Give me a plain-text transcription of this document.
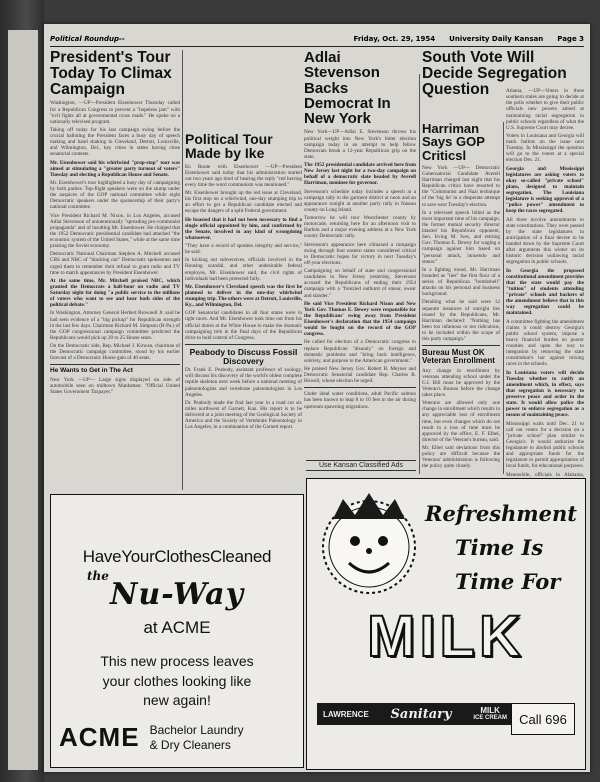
Political Roundup--	Friday, Oct. 29, 1954 University Daily Kansan Page 3
President's Tour Today To Climax Campaign

Washington, —UP—President Eisenhower Thursday called for a Republican Congress to prevent a "hopeless jam" with "evil fights all at governmental cross roads." He spoke on a nationally televised program.

Taking off today for his last campaign swing before the crucial balloting the President faces a busy day of speech making and hand shaking in Cleveland, Detroit, Louisville, and Wilmington, Del., key cities in states having close senatorial contests.

Mr. Eisenhower said his whirlwind "prop-stop" tour was aimed at stimulating a "greater party turnout of voters" Tuesday and electing a Republican House and Senate.

Mr. Eisenhower's tour highlighted a busy day of campaigning by both parties. Top-flight speakers were on the stump under the auspices of the GOP national committee while eight Democratic speakers under the sponsorship of their party's national committee.

Vice President Richard M. Nixon, in Los Angeles, accused Adlai Stevenson of unintentionally "spreading pro-communist propaganda" and of insulting Mr. Eisenhower. He charged that the 1952 Democratic presidential candidate had attacked "the economic system of the United States," while at the same time praising the Soviet economy.

Democratic National Chairman Stephen A. Mitchell accused CBS and NBC of "blacking out" Democratic spokesmen and urged them to remember their refusal to grant radio and TV time to match appearances by President Eisenhower.

At the same time, Mr. Mitchell praised NBC, which granted the Democrats a half-hour on radio and TV Saturday night for doing "a public service to the millions of voters who want to see and hear both sides of the political debate."

In Washington, Attorney General Herbert Brownell Jr. said he had seen evidence of a "big pickup" for Republican strength in the last few days. Chairman Richard M. Simpson (R-Pa.) of the GOP congressional campaign committee predicted the Republicans would pick up 20 to 25 House seats.

On the Democratic side, Rep. Michael J. Kirwan, chairman of the Democratic campaign committee, stood by his earlier forecast of a Democratic House gain of 40 seats.

He Wants to Get in The Act

New York —UP— Large signs displayed on side of automobile seen on midtown Manhattan: "Official United States Government Taxpayer."

Political Tour Made by Ike

En Route with Eisenhower —UP—President Eisenhower said today that his administration started out two years ago tired of hearing the reply "red herring every time the word communism was mentioned."

Mr. Eisenhower brought up the red issue at Cleveland, his first stop on a whirlwind, one-day stumping trip in an effort to get a Republican candidate elected and escape the dangers of a split Federal government.

He boasted that it had not been necessary to find a single official appointed by him, and confirmed by the Senate, involved in any kind of wrongdoing whatsoever.

"They have a record of spotless integrity and service," he said.

In kicking out subversives, officials involved in the Housing scandal, and other undesirable federal employes, Mr. Eisenhower said, the civil rights of individuals had been protected fully.

Mr. Eisenhower's Cleveland speech was the first he planned to deliver in the one-day whirlwind stumping trip. The others were at Detroit, Louisville, Ky., and Wilmington, Del.

GOP Senatorial candidates in all four states were in tight races. And Mr. Eisenhower took time out from his official duties at the White House to make the dramatic campaigning trek in the final days of the Republican drive to hold control of Congress.

Peabody to Discuss Fossil Discovery

Dr. Frank E. Peabody, assistant professor of zoology, will discuss his discovery of the world's oldest complete reptile skeleton next week before a national meeting of paleontologists and vertebrate paleontologists in Los Angeles.

Dr. Peabody made the find last year in a road cut six miles northwest of Garnett, Kan. His report is to be delivered at a joint meeting of the Geological Society of America and the Society of Vertebrate Paleontology in Los Angeles, in a continuation of the Garnett report.

Adlai Stevenson Backs Democrat In New York

New York—UP—Adlai E. Stevenson throws his political weight into New York's bitter election campaign today in an attempt to help fellow Democrats break a 12-year Republican grip on the state.

The 1952 presidential candidate arrived here from New Jersey last night for a two-day campaign on behalf of a democratic slate headed by Averell Harriman, nominee for governor.

Stevenson's schedule today includes a speech at a campaign rally in the garment district at noon and an appearance tonight at another party rally in Nassau county on Long Island.

Tomorrow he will tour Westchester county by motorcade, returning here for an afternoon visit to Harlem and a major evening address at a New York county Democratic rally.

Stevenson's appearance here climaxed a campaign swing through four eastern states considered critical to Democratic hopes for victory in next Tuesday's off-year elections.

Campaigning on behalf of state and congressional candidates in New Jersey yesterday, Stevenson accused the Republicans of ending their 1954 campaign with a "frenzied outburst of smear, swear and slander."

He said Vice President Richard Nixon and New York Gov. Thomas E. Dewey were responsible for the Republicans' swing away from President Eisenhower's declaration that the 1954 campaign would be fought on the record of the GOP congress.

He called for election of a Democratic congress to replace Republican "disunity" on foreign and domestic problems and "bring back intelligence, sobriety, and purpose to the American government."

He praised New Jersey Gov. Robert B. Meyner and Democratic Senatorial candidate Rep. Charles R. Howell, whose election he urged.

Under ideal water conditions, adult Pacific salmon has been known to leap 8 to 10 feet in the air during upstream spawning migrations.

Use Kansan Classified Ads
Harriman Says GOP Criticsl

New York —UP— Democratic Gubernatorial Candidate Averell Harriman charged last night that his Republican critics have resorted to the "Communist and Nazi technique of the 'big lie' in a desperate attempt to save next Tuesday's election.

In a televised speech billed as the most important time of his campaign, the former mutual security director blasted his Republican opponent, Sen. Irving M. Ives, and retiring Gov. Thomas E. Dewey for waging a campaign against him based on "personal attack, innuendo and smear."

In a fighting mood, Mr. Harriman branded as "lies" the first flour of a series of Republican "bombshell" attacks on his personal and business background.

Detailing what he said were 12 separate instances of outright lies issued by the Republicans, Mr. Harriman declared: "Nothing has been too infamous or too ridiculous, to be included within the scope of this party campaign."

Bureau Must OK Veteran Enrollment

Any change in enrollment by veterans attending school under the G.I. Bill must be approved by the Veteran's Bureau before the change takes place.

Veterans are allowed only one change in enrollment which results in any appreciable loss of enrollment time, but even changes which do not result in a loss of time must be approved by the office, E. F. Elbel, director of the Veteran's bureau, said.

Mr. Elbel said deviations from this policy are difficult because the Veterans' administration is following the policy quite closely.

South Vote Will Decide Segregation Question	Atlanta, —UP—Voters in three southern states are going to decide at the polls whether to give their public officials new powers aimed at maintaining racial segregation in public schools regardless of what the U.S. Supreme Court may decree.

Voters in Louisiana and Georgia will mark ballots on the issue next Tuesday. In Mississippi the question will go to the voters at a special election Dec. 21.

Georgia and Mississippi legislatures are asking voters to okay so-called "private school" plans, designed to maintain segregation. The Louisiana legislature is seeking approval of a "police power" amendment to keep the races segregated.

All three involve amendments to state constitutions. They were passed by the state legislatures in anticipation of a final decree to be handed down by the Supreme Court after arguments this winter on its historic decision outlawing racial segregation in public schools.

In Georgia the proposed constitutional amendment provides that the state would pay the "tuition" of students attending "private" schools and backers of the amendment believe that in this way segregation could be maintained.

A committee fighting the amendment claims it could destroy Georgia's public school system, impose a heavy financial burden on poorer counties and open the way to integration by removing the state constitution's bar against mixing races in the schools.

In Louisiana voters will decide Tuesday whether to ratify an amendment which, in effect, says that segregation is necessary to preserve peace and order in the state. It would allow police the power to enforce segregation as a means of maintaining peace.

Mississippi waits until Dec. 21 to call out voters for a decision on a "private school" plan similar to Georgia's. It would authorize the legislature to abolish public schools and appropriate funds for the legislature to permit appropriation of local funds, for educational purposes.

Meanwhile, officials in Alabama,

HaveYourClothesCleaned
the
Nu-Way
at ACME
This new process leaves
your clothes looking like
new again!
ACME Bachelor Laundry
& Dry Cleaners
Refreshment
Time Is
Time For
MILK
LAWRENCE Sanitary	MILK
ICE CREAM Call 696
